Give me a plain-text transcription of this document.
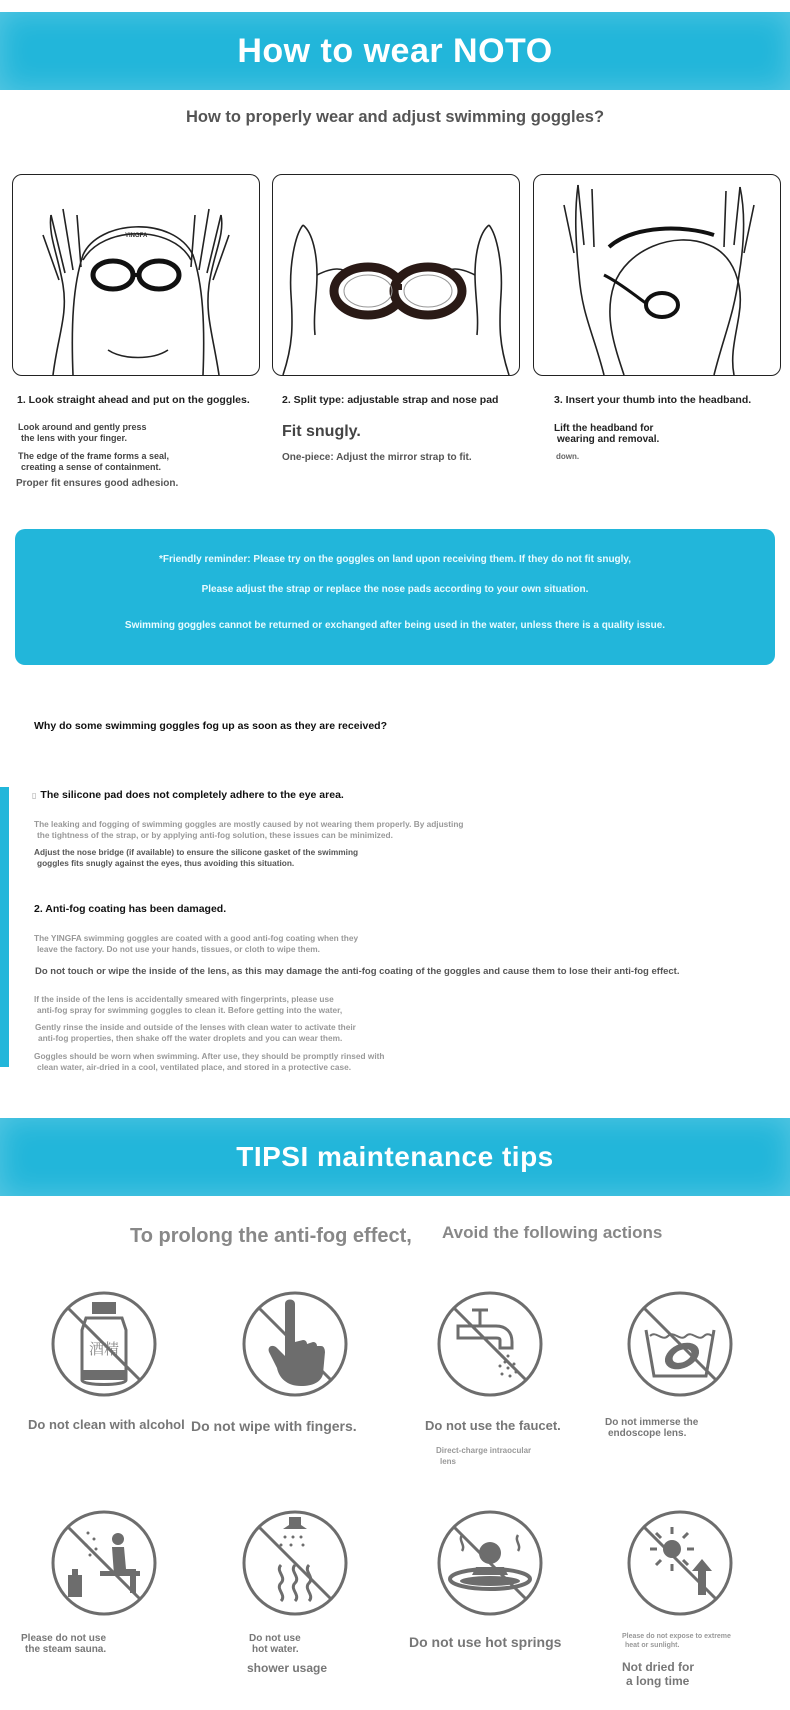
How to wear NOTO
How to properly wear and adjust swimming goggles?
YINGFA
1. Look straight ahead and put on the goggles.
Look around and gently press
the lens with your finger.
The edge of the frame forms a seal,
creating a sense of containment.
Proper fit ensures good adhesion.
2. Split type: adjustable strap and nose pad
Fit snugly.
One-piece: Adjust the mirror strap to fit.
3. Insert your thumb into the headband.
Lift the headband for
wearing and removal.
down.
*Friendly reminder: Please try on the goggles on land upon receiving them. If they do not fit snugly,
Please adjust the strap or replace the nose pads according to your own situation.
Swimming goggles cannot be returned or exchanged after being used in the water, unless there is a quality issue.
Why do some swimming goggles fog up as soon as they are received?
▯ The silicone pad does not completely adhere to the eye area.
The leaking and fogging of swimming goggles are mostly caused by not wearing them properly. By adjusting
the tightness of the strap, or by applying anti-fog solution, these issues can be minimized.
Adjust the nose bridge (if available) to ensure the silicone gasket of the swimming
goggles fits snugly against the eyes, thus avoiding this situation.
2. Anti-fog coating has been damaged.
The YINGFA swimming goggles are coated with a good anti-fog coating when they
leave the factory. Do not use your hands, tissues, or cloth to wipe them.
Do not touch or wipe the inside of the lens, as this may damage the anti-fog coating of the goggles and cause them to lose their anti-fog effect.
If the inside of the lens is accidentally smeared with fingerprints, please use
anti-fog spray for swimming goggles to clean it. Before getting into the water,
Gently rinse the inside and outside of the lenses with clean water to activate their
anti-fog properties, then shake off the water droplets and you can wear them.
Goggles should be worn when swimming. After use, they should be promptly rinsed with
clean water, air-dried in a cool, ventilated place, and stored in a protective case.
TIPSI maintenance tips
To prolong the anti-fog effect, Avoid the following actions
酒精
Do not clean with alcohol Do not wipe with fingers.	Do not use the faucet.
Direct-charge intraocular
lens
Do not immerse the
endoscope lens.
Please do not use
the steam sauna.
Do not use
hot water.
shower usage
Do not use hot springs	Please do not expose to extreme
heat or sunlight.
Not dried for
a long time
